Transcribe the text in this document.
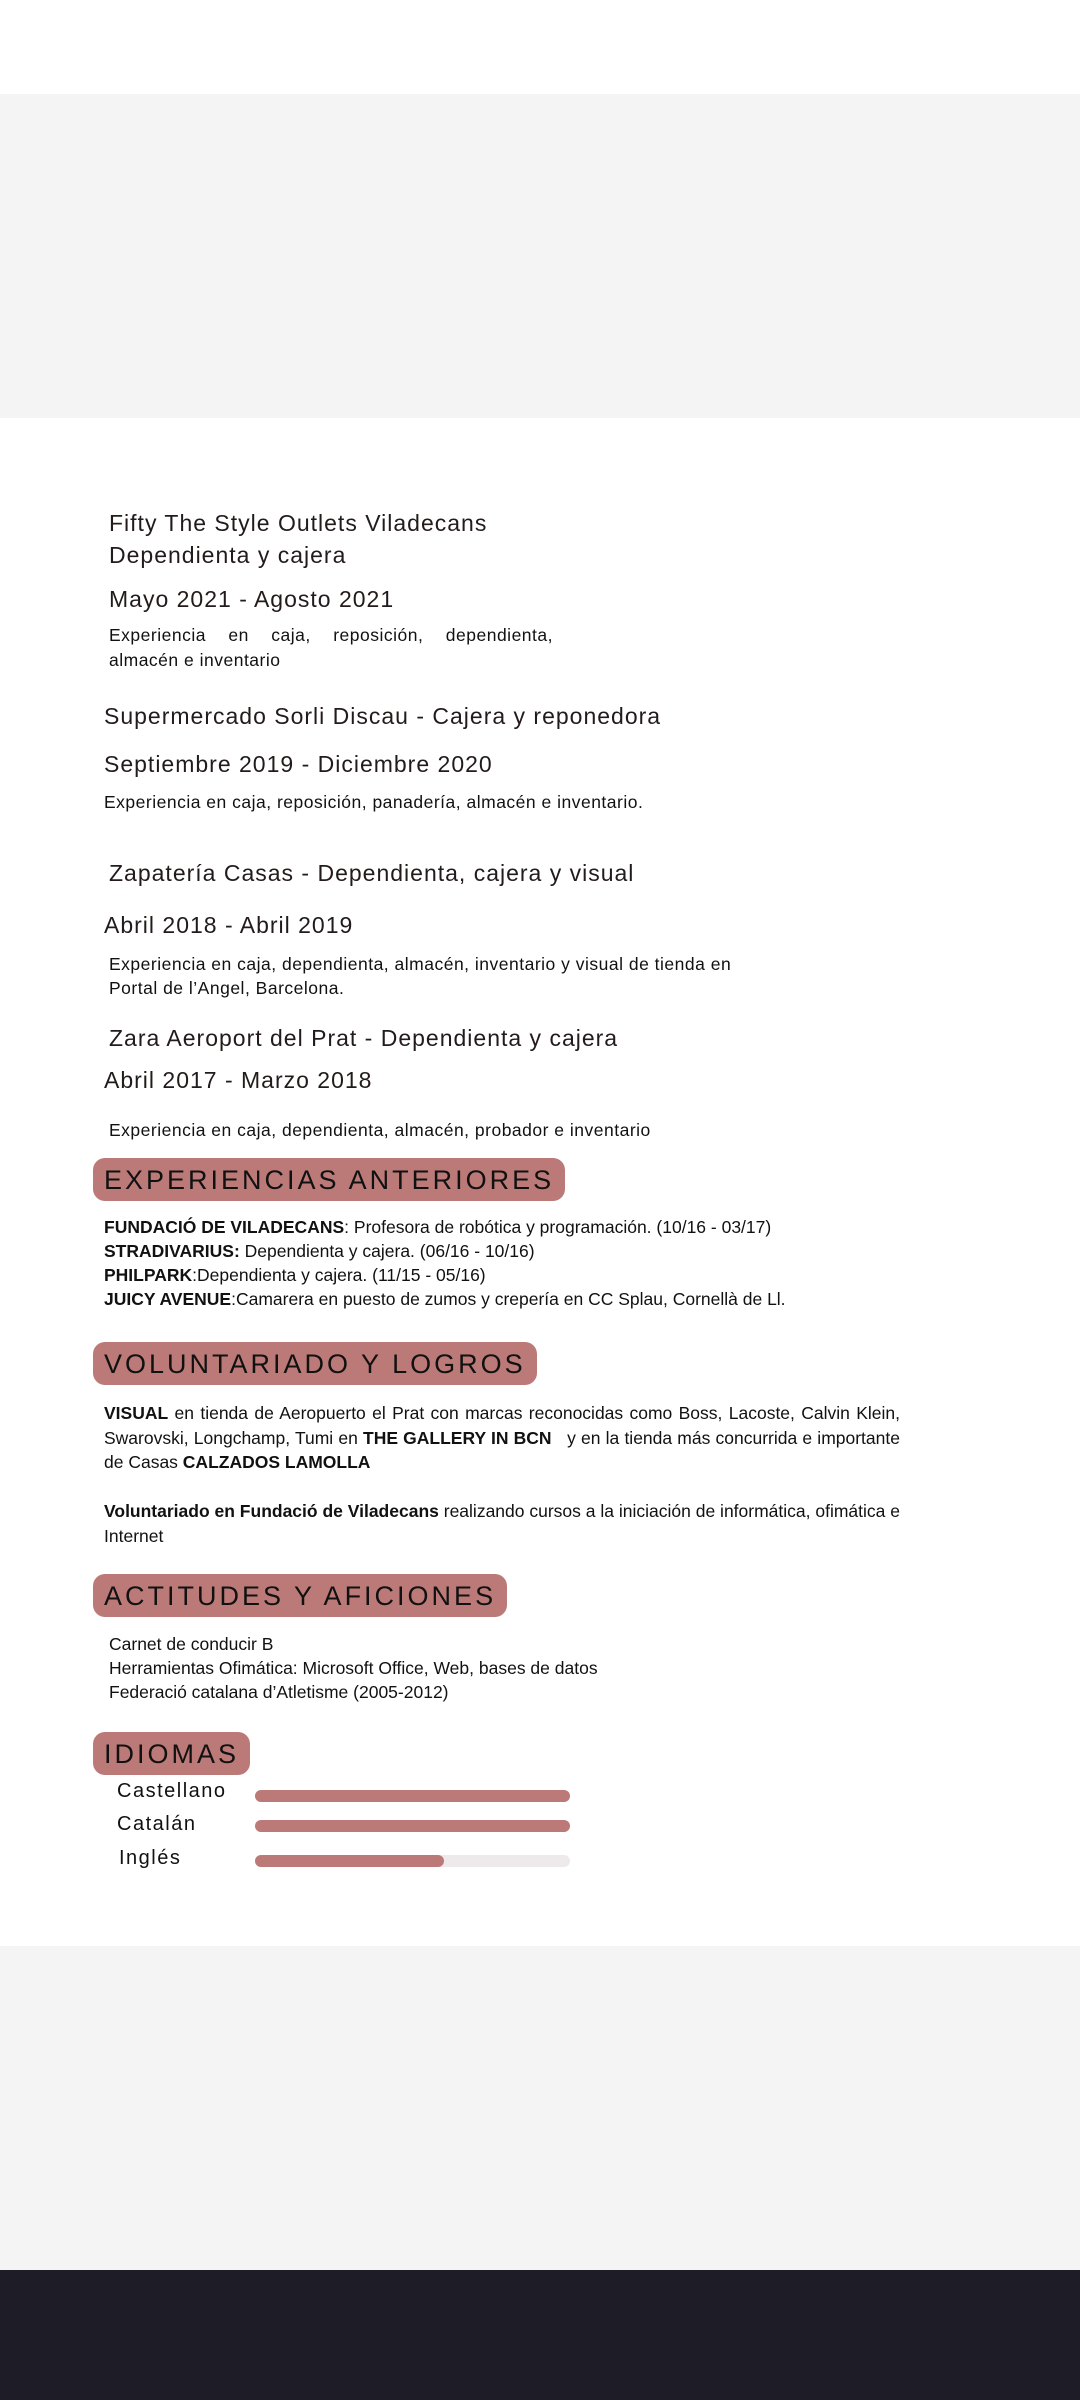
Fifty The Style Outlets Viladecans
Dependienta y cajera
Mayo 2021 - Agosto 2021
Experiencia en caja, reposición, dependienta, almacén e inventario
Supermercado Sorli Discau - Cajera y reponedora
Septiembre 2019 - Diciembre 2020
Experiencia en caja, reposición, panadería, almacén e inventario.
Zapatería Casas - Dependienta, cajera y visual
Abril 2018 - Abril 2019
Experiencia en caja, dependienta, almacén, inventario y visual de tienda en
Portal de l’Angel, Barcelona.
Zara Aeroport del Prat - Dependienta y cajera
Abril 2017 - Marzo 2018
Experiencia en caja, dependienta, almacén, probador e inventario
EXPERIENCIAS ANTERIORES
FUNDACIÓ DE VILADECANS: Profesora de robótica y programación. (10/16 - 03/17)
STRADIVARIUS: Dependienta y cajera. (06/16 - 10/16)
PHILPARK:Dependienta y cajera. (11/15 - 05/16)
JUICY AVENUE:Camarera en puesto de zumos y crepería en CC Splau, Cornellà de Ll.
VOLUNTARIADO Y LOGROS
VISUAL en tienda de Aeropuerto el Prat con marcas reconocidas como Boss, Lacoste, Calvin Klein, Swarovski, Longchamp, Tumi en THE GALLERY IN BCN   y en la tienda más concurrida e importante de Casas CALZADOS LAMOLLA
Voluntariado en Fundació de Viladecans realizando cursos a la iniciación de informática, ofimática e Internet
ACTITUDES Y AFICIONES
Carnet de conducir B
Herramientas Ofimática: Microsoft Office, Web, bases de datos
Federació catalana d’Atletisme (2005-2012)
IDIOMAS
Castellano
Catalán
Inglés
